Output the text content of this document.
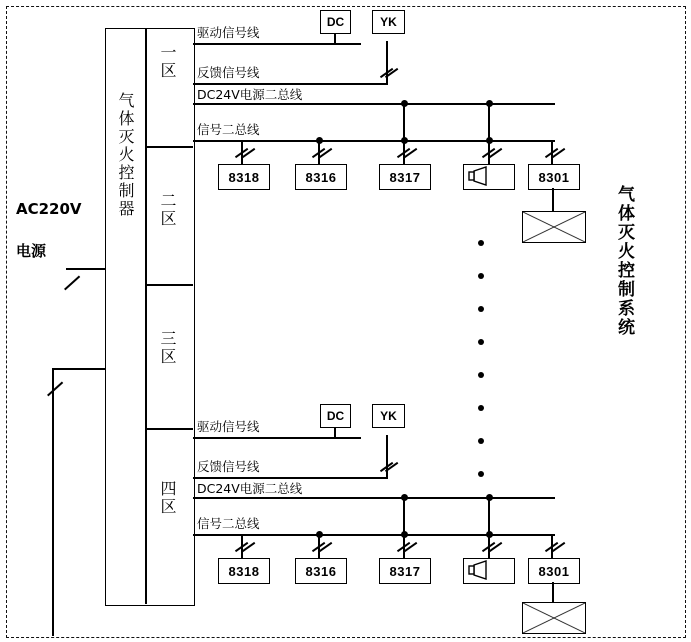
AC220V
电源	气体灭火控制系统
气体灭火控制器
一区
二区
三区
四区
驱动信号线
反馈信号线
DC	YK
DC24V电源二总线
信号二总线
8318	8316	8317	8301
驱动信号线
反馈信号线
DC	YK
DC24V电源二总线
信号二总线
8318	8316	8317	8301
